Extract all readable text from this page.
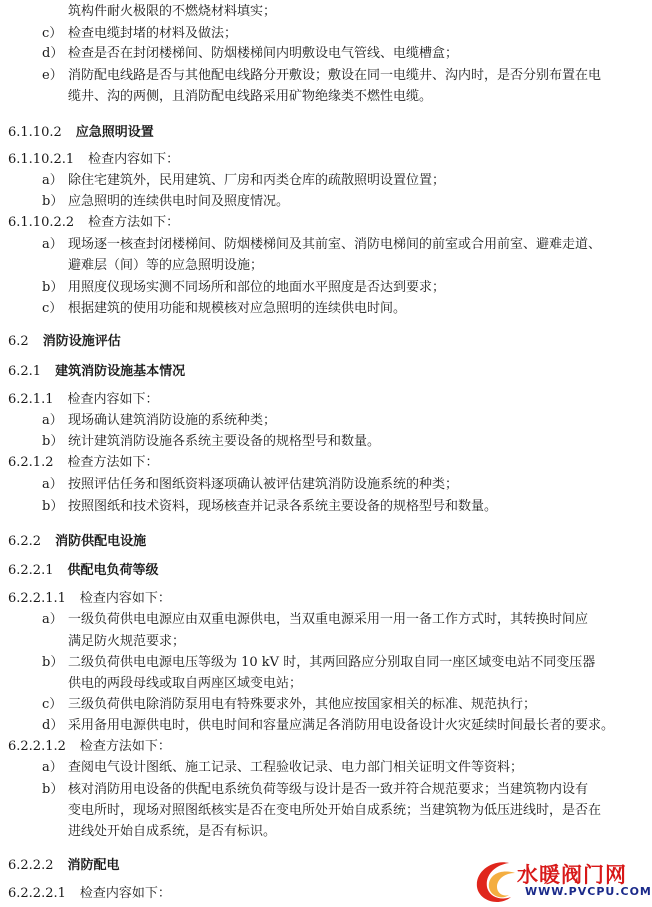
筑构件耐火极限的不燃烧材料填实；
c） 检查电缆封堵的材料及做法；
d） 检查是否在封闭楼梯间、防烟楼梯间内明敷设电气管线、电缆槽盒；
e） 消防配电线路是否与其他配电线路分开敷设；敷设在同一电缆井、沟内时，是否分别布置在电
缆井、沟的两侧，且消防配电线路采用矿物绝缘类不燃性电缆。
6.1.10.2 应急照明设置
6.1.10.2.1 检查内容如下：
a） 除住宅建筑外，民用建筑、厂房和丙类仓库的疏散照明设置位置；
b） 应急照明的连续供电时间及照度情况。
6.1.10.2.2 检查方法如下：
a） 现场逐一核查封闭楼梯间、防烟楼梯间及其前室、消防电梯间的前室或合用前室、避难走道、
避难层（间）等的应急照明设施；
b） 用照度仪现场实测不同场所和部位的地面水平照度是否达到要求；
c） 根据建筑的使用功能和规模核对应急照明的连续供电时间。
6.2 消防设施评估
6.2.1 建筑消防设施基本情况
6.2.1.1 检查内容如下：
a） 现场确认建筑消防设施的系统种类；
b） 统计建筑消防设施各系统主要设备的规格型号和数量。
6.2.1.2 检查方法如下：
a） 按照评估任务和图纸资料逐项确认被评估建筑消防设施系统的种类；
b） 按照图纸和技术资料，现场核查并记录各系统主要设备的规格型号和数量。
6.2.2 消防供配电设施
6.2.2.1 供配电负荷等级
6.2.2.1.1 检查内容如下：
a） 一级负荷供电电源应由双重电源供电，当双重电源采用一用一备工作方式时，其转换时间应
满足防火规范要求；
b） 二级负荷供电电源电压等级为 10 kV 时，其两回路应分别取自同一座区域变电站不同变压器
供电的两段母线或取自两座区域变电站；
c） 三级负荷供电除消防泵用电有特殊要求外，其他应按国家相关的标准、规范执行；
d） 采用备用电源供电时，供电时间和容量应满足各消防用电设备设计火灾延续时间最长者的要求。
6.2.2.1.2 检查方法如下：
a） 查阅电气设计图纸、施工记录、工程验收记录、电力部门相关证明文件等资料；
b） 核对消防用电设备的供配电系统负荷等级与设计是否一致并符合规范要求；当建筑物内设有
变电所时，现场对照图纸核实是否在变电所处开始自成系统；当建筑物为低压进线时，是否在
进线处开始自成系统，是否有标识。
6.2.2.2 消防配电
6.2.2.2.1 检查内容如下：
水暖阀门网
WWW.PVCPU.COM
